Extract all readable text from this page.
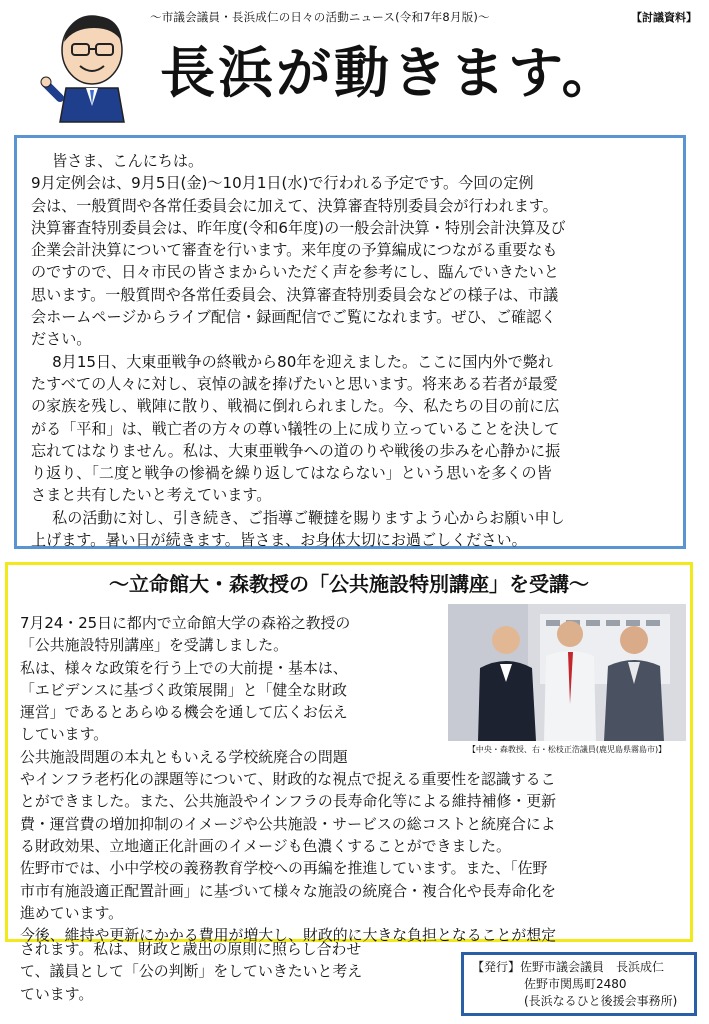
～市議会議員・長浜成仁の日々の活動ニュース(令和7年8月版)～	【討議資料】
長浜が動きます。

皆さま、こんにちは。
9月定例会は、9月5日(金)～10月1日(水)で行われる予定です。今回の定例
会は、一般質問や各常任委員会に加えて、決算審査特別委員会が行われます。
決算審査特別委員会は、昨年度(令和6年度)の一般会計決算・特別会計決算及び
企業会計決算について審査を行います。来年度の予算編成につながる重要なも
のですので、日々市民の皆さまからいただく声を参考にし、臨んでいきたいと
思います。一般質問や各常任委員会、決算審査特別委員会などの様子は、市議
会ホームページからライブ配信・録画配信でご覧になれます。ぜひ、ご確認く
ださい。

8月15日、大東亜戦争の終戦から80年を迎えました。ここに国内外で斃れ
たすべての人々に対し、哀悼の誠を捧げたいと思います。将来ある若者が最愛
の家族を残し、戦陣に散り、戦禍に倒れられました。今、私たちの目の前に広
がる「平和」は、戦亡者の方々の尊い犠牲の上に成り立っていることを決して
忘れてはなりません。私は、大東亜戦争への道のりや戦後の歩みを心静かに振
り返り、「二度と戦争の惨禍を繰り返してはならない」という思いを多くの皆
さまと共有したいと考えています。

私の活動に対し、引き続き、ご指導ご鞭撻を賜りますよう心からお願い申し
上げます。暑い日が続きます。皆さま、お身体大切にお過ごしください。

～立命館大・森教授の「公共施設特別講座」を受講～
【中央・森教授、右・松枝正浩議員(鹿児島県霧島市)】
7月24・25日に都内で立命館大学の森裕之教授の
「公共施設特別講座」を受講しました。
私は、様々な政策を行う上での大前提・基本は、
「エビデンスに基づく政策展開」と「健全な財政
運営」であるとあらゆる機会を通して広くお伝え
しています。
公共施設問題の本丸ともいえる学校統廃合の問題
やインフラ老朽化の課題等について、財政的な視点で捉える重要性を認識するこ
とができました。また、公共施設やインフラの長寿命化等による維持補修・更新
費・運営費の増加抑制のイメージや公共施設・サービスの総コストと統廃合によ
る財政効果、立地適正化計画のイメージも色濃くすることができました。
佐野市では、小中学校の義務教育学校への再編を推進しています。また、「佐野
市市有施設適正配置計画」に基づいて様々な施設の統廃合・複合化や長寿命化を
進めています。
今後、維持や更新にかかる費用が増大し、財政的に大きな負担となることが想定
されます。私は、財政と歳出の原則に照らし合わせ
て、議員として「公の判断」をしていきたいと考え
ています。
【発行】佐野市議会議員　長浜成仁
佐野市関馬町2480
(長浜なるひと後援会事務所)
